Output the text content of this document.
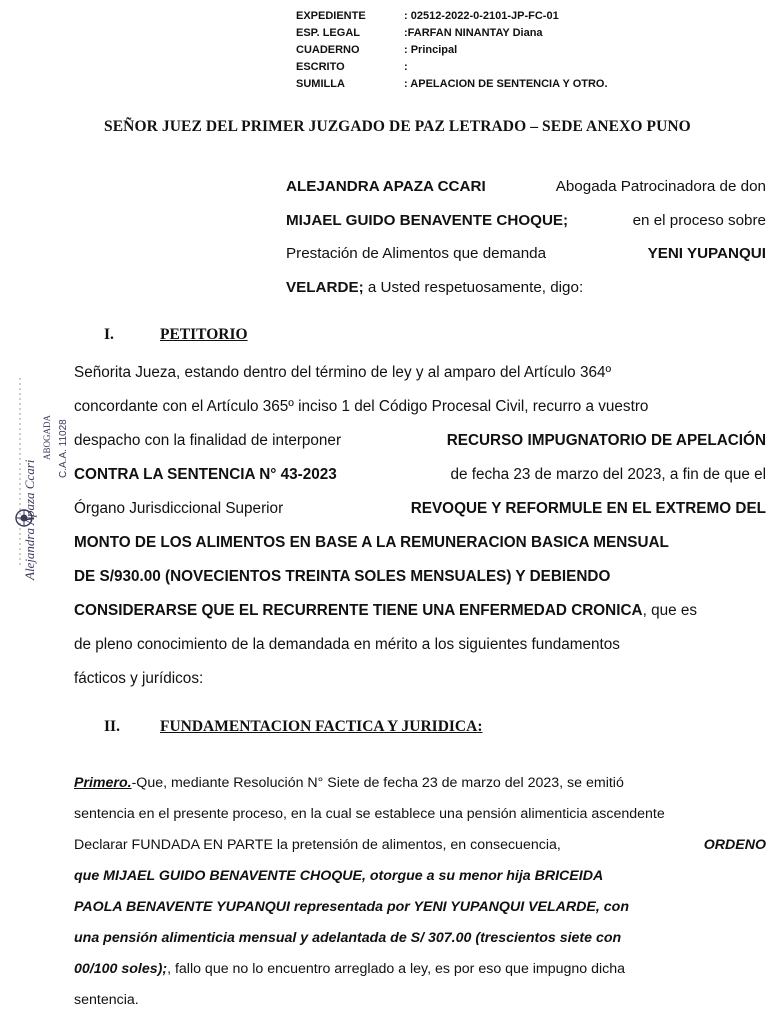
EXPEDIENTE	: 02512-2022-0-2101-JP-FC-01
ESP. LEGAL	:FARFAN NINANTAY Diana
CUADERNO	: Principal
ESCRITO	:
SUMILLA	: APELACION DE SENTENCIA Y OTRO.
SEÑOR JUEZ DEL PRIMER JUZGADO DE PAZ LETRADO – SEDE ANEXO PUNO
ALEJANDRA APAZA CCARI	Abogada Patrocinadora de don
MIJAEL GUIDO BENAVENTE CHOQUE;	en el proceso sobre
Prestación de Alimentos que demanda	YENI YUPANQUI
VELARDE;
a Usted respetuosamente, digo:
I.	PETITORIO
Señorita Jueza, estando dentro del término de ley y al amparo del Artículo 364º
concordante con el Artículo 365º inciso 1 del Código Procesal Civil, recurro a vuestro
despacho con la finalidad de interponer	RECURSO IMPUGNATORIO DE APELACIÓN
CONTRA LA SENTENCIA N° 43-2023	de fecha 23 de marzo del 2023, a fin de que el
Órgano Jurisdiccional Superior	REVOQUE Y REFORMULE EN EL EXTREMO DEL
MONTO DE LOS ALIMENTOS EN BASE A LA REMUNERACION BASICA MENSUAL
DE S/930.00 (NOVECIENTOS TREINTA SOLES MENSUALES) Y DEBIENDO
CONSIDERARSE QUE EL RECURRENTE TIENE UNA ENFERMEDAD CRONICA , que es
de pleno conocimiento de la demandada en mérito a los siguientes fundamentos
fácticos y jurídicos:
II.	FUNDAMENTACION FACTICA Y JURIDICA:
Primero. -Que, mediante Resolución N° Siete de fecha 23 de marzo del 2023, se emitió
sentencia en el presente proceso, en la cual se establece una pensión alimenticia ascendente
Declarar FUNDADA EN PARTE la pretensión de alimentos, en consecuencia,	ORDENO
que MIJAEL GUIDO BENAVENTE CHOQUE, otorgue a su menor hija BRICEIDA
PAOLA BENAVENTE YUPANQUI representada por YENI YUPANQUI VELARDE, con
una pensión alimenticia mensual y adelantada de S/ 307.00 (trescientos siete con
00/100 soles); , fallo que no lo encuentro arreglado a ley, es por eso que impugno dicha
sentencia.
Alejandra Apaza Ccari
ABOGADA C.A.A. 11028
